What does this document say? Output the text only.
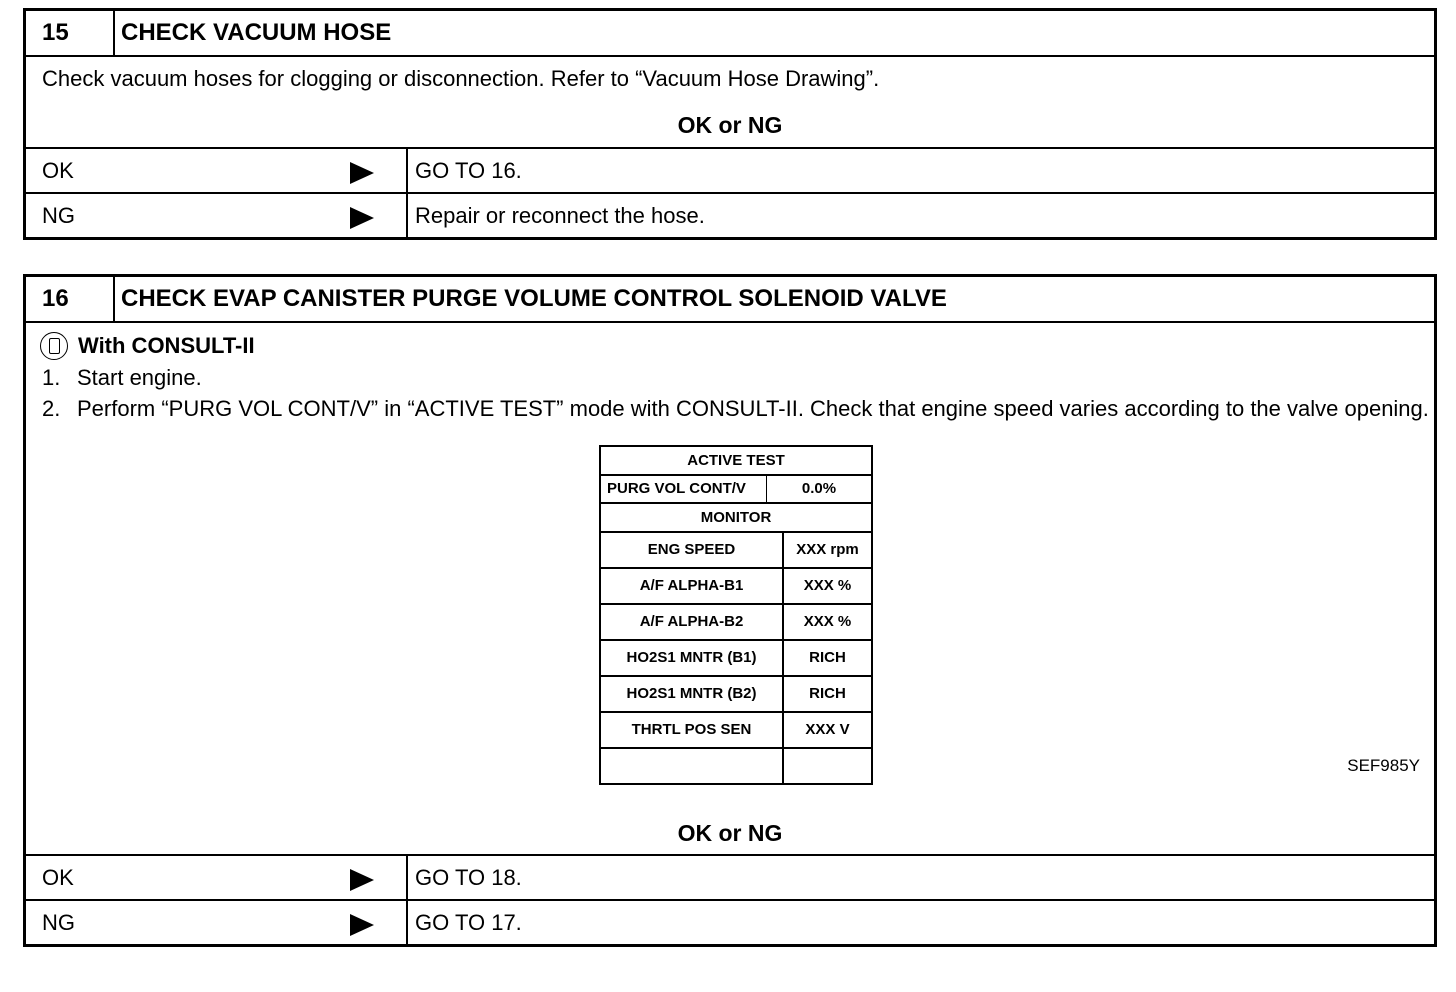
15	CHECK VACUUM HOSE
Check vacuum hoses for clogging or disconnection. Refer to “Vacuum Hose Drawing”.
OK or NG
OK	GO TO 16.
NG	Repair or reconnect the hose.
16	CHECK EVAP CANISTER PURGE VOLUME CONTROL SOLENOID VALVE
With CONSULT-II
1. Start engine.
2. Perform “PURG VOL CONT/V” in “ACTIVE TEST” mode with CONSULT-II. Check that engine speed varies according to the valve opening.
ACTIVE TEST
PURG VOL CONT/V	0.0%
MONITOR
ENG SPEED	XXX rpm
A/F ALPHA-B1	XXX %
A/F ALPHA-B2	XXX %
HO2S1 MNTR (B1)	RICH
HO2S1 MNTR (B2)	RICH
THRTL POS SEN	XXX V
SEF985Y
OK or NG
OK	GO TO 18.
NG	GO TO 17.
